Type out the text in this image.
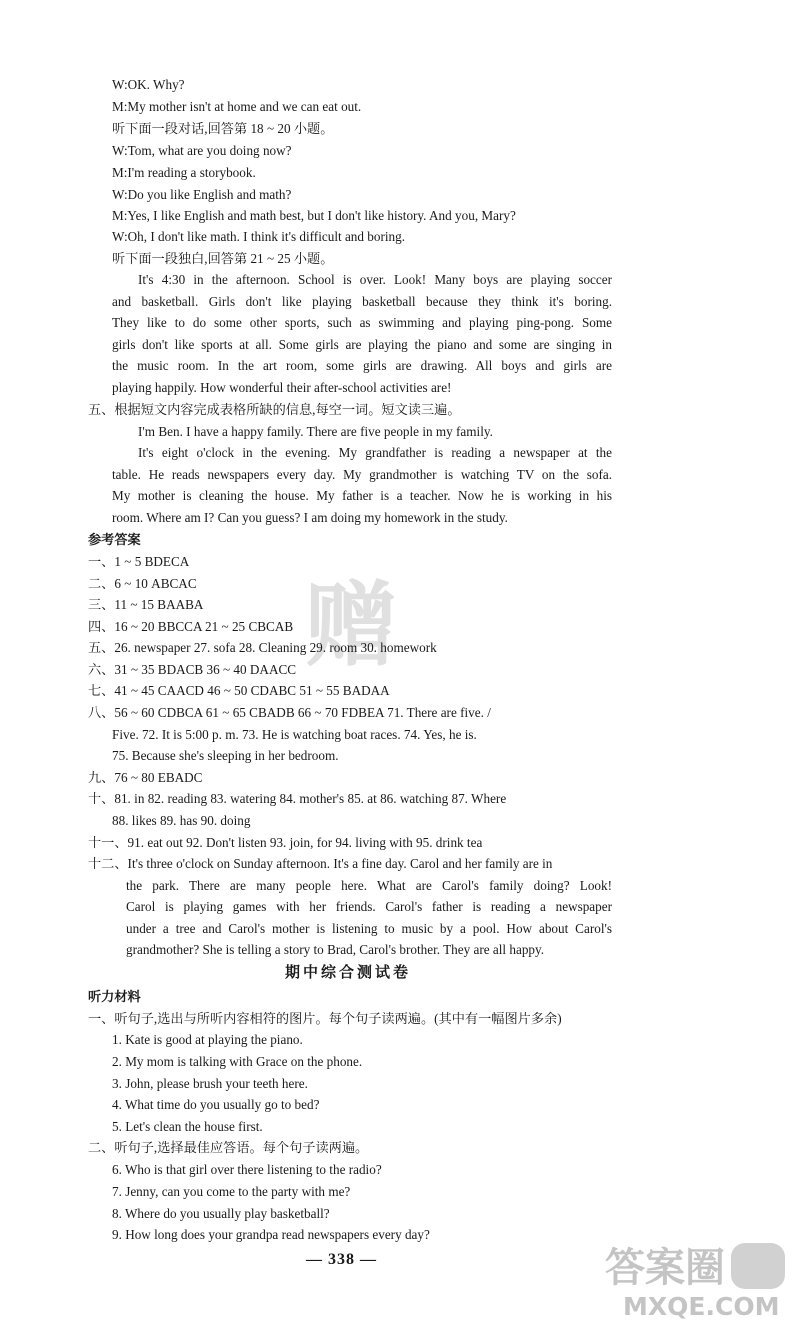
赠
W:OK. Why?
M:My mother isn't at home and we can eat out.
听下面一段对话,回答第 18 ~ 20 小题。
W:Tom, what are you doing now?
M:I'm reading a storybook.
W:Do you like English and math?
M:Yes, I like English and math best, but I don't like history. And you, Mary?
W:Oh, I don't like math. I think it's difficult and boring.
听下面一段独白,回答第 21 ~ 25 小题。
It's 4:30 in the afternoon. School is over. Look! Many boys are playing soccer
and basketball. Girls don't like playing basketball because they think it's boring.
They like to do some other sports, such as swimming and playing ping-pong. Some
girls don't like sports at all. Some girls are playing the piano and some are singing in
the music room. In the art room, some girls are drawing. All boys and girls are
playing happily. How wonderful their after-school activities are!
五、根据短文内容完成表格所缺的信息,每空一词。短文读三遍。
I'm Ben. I have a happy family. There are five people in my family.
It's eight o'clock in the evening. My grandfather is reading a newspaper at the
table. He reads newspapers every day. My grandmother is watching TV on the sofa.
My mother is cleaning the house. My father is a teacher. Now he is working in his
room. Where am I? Can you guess? I am doing my homework in the study.
参考答案
一、1 ~ 5 BDECA
二、6 ~ 10 ABCAC
三、11 ~ 15 BAABA
四、16 ~ 20 BBCCA 21 ~ 25 CBCAB
五、26. newspaper 27. sofa 28. Cleaning 29. room 30. homework
六、31 ~ 35 BDACB 36 ~ 40 DAACC
七、41 ~ 45 CAACD 46 ~ 50 CDABC 51 ~ 55 BADAA
八、56 ~ 60 CDBCA 61 ~ 65 CBADB 66 ~ 70 FDBEA 71. There are five. /
Five. 72. It is 5:00 p. m. 73. He is watching boat races. 74. Yes, he is.
75. Because she's sleeping in her bedroom.
九、76 ~ 80 EBADC
十、81. in 82. reading 83. watering 84. mother's 85. at 86. watching 87. Where
88. likes 89. has 90. doing
十一、91. eat out 92. Don't listen 93. join, for 94. living with 95. drink tea
十二、It's three o'clock on Sunday afternoon. It's a fine day. Carol and her family are in
the park. There are many people here. What are Carol's family doing? Look!
Carol is playing games with her friends. Carol's father is reading a newspaper
under a tree and Carol's mother is listening to music by a pool. How about Carol's
grandmother? She is telling a story to Brad, Carol's brother. They are all happy.
期中综合测试卷
听力材料
一、听句子,选出与所听内容相符的图片。每个句子读两遍。(其中有一幅图片多余)
1. Kate is good at playing the piano.
2. My mom is talking with Grace on the phone.
3. John, please brush your teeth here.
4. What time do you usually go to bed?
5. Let's clean the house first.
二、听句子,选择最佳应答语。每个句子读两遍。
6. Who is that girl over there listening to the radio?
7. Jenny, can you come to the party with me?
8. Where do you usually play basketball?
9. How long does your grandpa read newspapers every day?
— 338 —	答案圈
MXQE.COM
